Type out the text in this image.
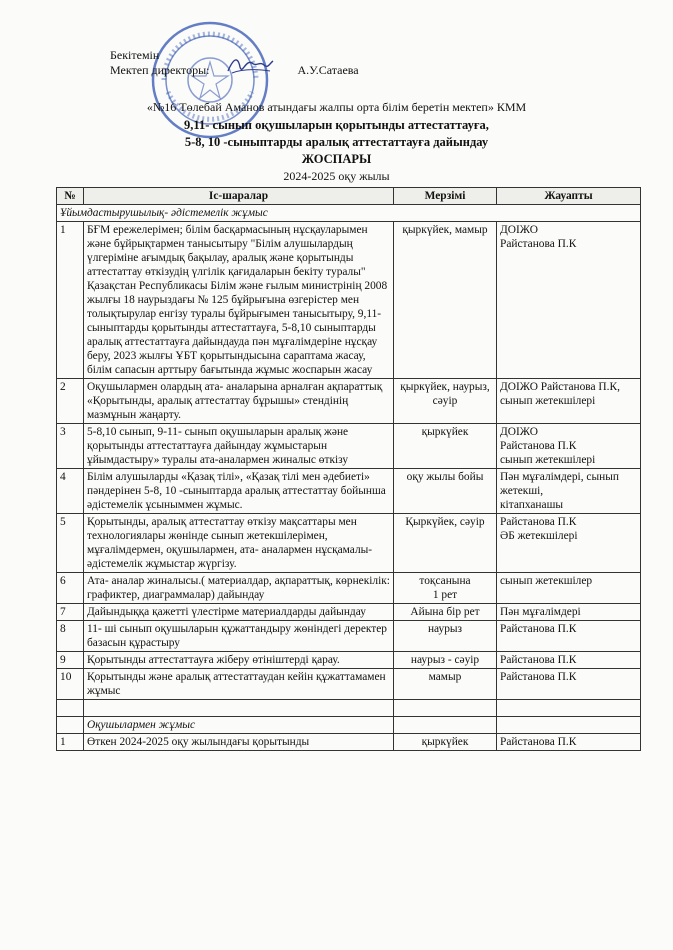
Бекітемін
Мектеп директоры:	А.У.Сатаева
«№16 Төлебай Аманов атындағы жалпы орта білім беретін мектеп» КММ
9,11- сынып оқушыларын қорытынды аттестаттауға,
5-8, 10 -сыныптарды аралық аттестаттауға дайындау
ЖОСПАРЫ
2024-2025 оқу жылы
№	Іс-шаралар	Мерзімі	Жауапты
Ұйымдастырушылық- әдістемелік жұмыс			
1	БҒМ ережелерімен; білім басқармасының нұсқауларымен және бұйрықтармен танысытыру "Білім алушылардың үлгеріміне ағымдық бақылау, аралық және қорытынды аттестаттау өткізудің үлгілік қағидаларын бекіту туралы" Қазақстан Республикасы Білім және ғылым министрінің 2008 жылғы 18 наурыздағы № 125 бұйрығына өзгерістер мен толықтырулар енгізу туралы бұйрығымен танысытыру, 9,11-сыныптарды қорытынды аттестаттауға, 5-8,10 сыныптарды аралық аттестаттауға дайындауда пән мұғалімдеріне нұсқау беру, 2023 жылғы ҰБТ қорытындысына сараптама жасау, білім сапасын арттыру бағытында жұмыс жоспарын жасау	қыркүйек, мамыр	ДОІЖО
Райстанова П.К
2	Оқушылармен олардың ата- аналарына арналған ақпараттық «Қорытынды, аралық аттестаттау бұрышы» стендінің мазмұнын жаңарту.	қыркүйек, наурыз, сәуір	ДОІЖО Райстанова П.К, сынып жетекшілері
3	5-8,10 сынып, 9-11- сынып оқушыларын аралық және қорытынды аттестаттауға дайындау жұмыстарын ұйымдастыру» туралы ата-аналармен жиналыс өткізу	қыркүйек	ДОІЖО
Райстанова П.К
сынып жетекшілері
4	Білім алушыларды «Қазақ тілі», «Қазақ тілі мен әдебиеті» пәндерінен 5-8, 10 -сыныптарда аралық аттестаттау бойынша әдістемелік ұсыныммен жұмыс.	оқу жылы бойы	Пән мұғалімдері, сынып жетекші,
кітапханашы
5	Қорытынды, аралық аттестаттау өткізу мақсаттары мен технологиялары жөнінде сынып жетекшілерімен, мұғалімдермен, оқушылармен, ата- аналармен нұсқамалы- әдістемелік жұмыстар жүргізу.	Қыркүйек, сәуір	Райстанова П.К
ӘБ жетекшілері
6	Ата- аналар жиналысы.( материалдар, ақпараттық, көрнекілік: графиктер, диаграммалар) дайындау	тоқсанына
1 рет	сынып жетекшілер
7	Дайындыққа қажетті үлестірме материалдарды дайындау	Айына бір рет	Пән мұғалімдері
8	11- ші сынып оқушыларын құжаттандыру жөніндегі деректер базасын құрастыру	наурыз	Райстанова П.К
9	Қорытынды аттестаттауға жіберу өтініштерді қарау.	наурыз - сәуір	Райстанова П.К
10	Қорытынды және аралық аттестаттаудан кейін құжаттамамен жұмыс	мамыр	Райстанова П.К

	Оқушылармен жұмыс		
1	Өткен 2024-2025 оқу жылындағы қорытынды	қыркүйек	Райстанова П.К
